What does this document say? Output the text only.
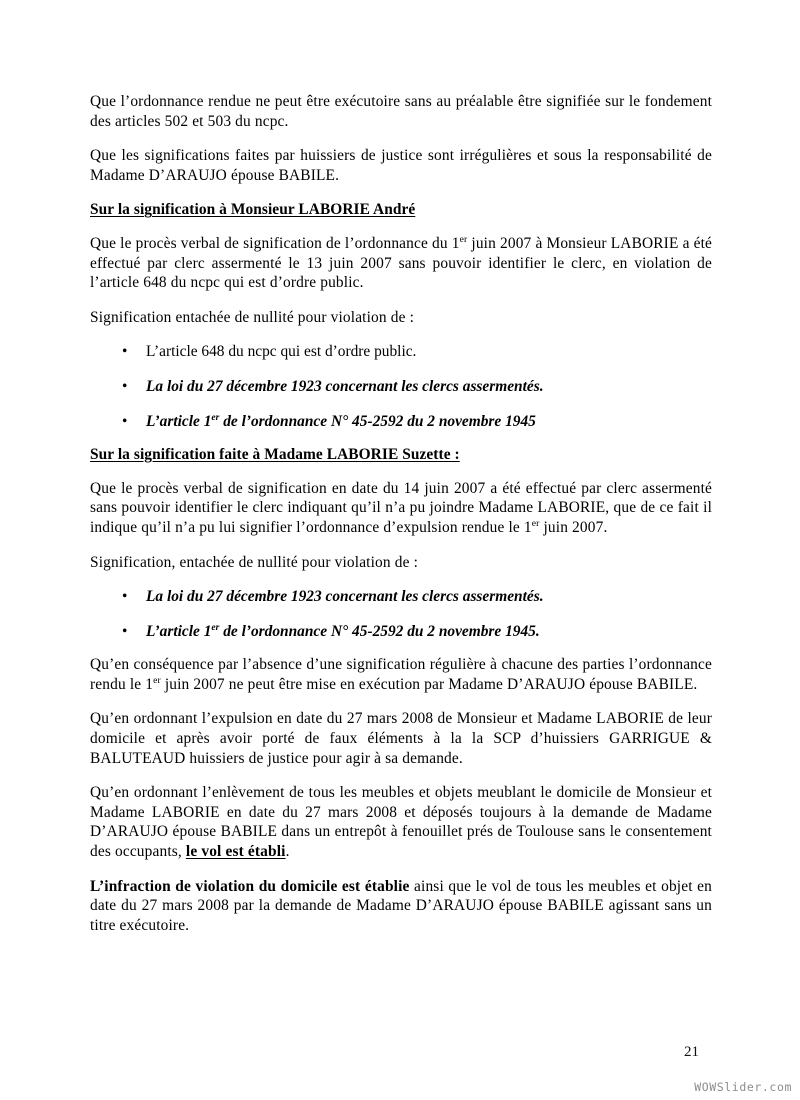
Que l’ordonnance rendue ne peut être exécutoire sans au préalable être signifiée sur le fondement des articles 502 et 503 du ncpc.

Que les significations faites par huissiers de justice sont irrégulières et sous la responsabilité de Madame D’ARAUJO épouse BABILE.

Sur la signification à Monsieur LABORIE André

Que le procès verbal de signification de l’ordonnance du 1er juin 2007 à Monsieur LABORIE a été effectué par clerc assermenté le 13 juin 2007 sans pouvoir identifier le clerc, en violation de l’article 648 du ncpc qui est d’ordre public.

Signification entachée de nullité pour violation de :

• L’article 648 du ncpc qui est d’ordre public.
• La loi du 27 décembre 1923 concernant les clercs assermentés.
• L’article 1er de l’ordonnance N° 45-2592 du 2 novembre 1945
Sur la signification faite à Madame LABORIE Suzette :

Que le procès verbal de signification en date du 14 juin 2007 a été effectué par clerc assermenté sans pouvoir identifier le clerc indiquant qu’il n’a pu joindre Madame LABORIE, que de ce fait il indique qu’il n’a pu lui signifier l’ordonnance d’expulsion rendue le 1er juin 2007.

Signification, entachée de nullité pour violation de :

• La loi du 27 décembre 1923 concernant les clercs assermentés.
• L’article 1er de l’ordonnance N° 45-2592 du 2 novembre 1945.

Qu’en conséquence par l’absence d’une signification régulière à chacune des parties l’ordonnance rendu le 1er juin 2007 ne peut être mise en exécution par Madame D’ARAUJO épouse BABILE.

Qu’en ordonnant l’expulsion en date du 27 mars 2008 de Monsieur et Madame LABORIE de leur domicile et après avoir porté de faux éléments à la la SCP d’huissiers GARRIGUE & BALUTEAUD huissiers de justice pour agir à sa demande.

Qu’en ordonnant l’enlèvement de tous les meubles et objets meublant le domicile de Monsieur et Madame LABORIE en date du 27 mars 2008 et déposés toujours à la demande de Madame D’ARAUJO épouse BABILE dans un entrepôt à fenouillet prés de Toulouse sans le consentement des occupants, le vol est établi.

L’infraction de violation du domicile est établie ainsi que le vol de tous les meubles et objet en date du 27 mars 2008 par la demande de Madame D’ARAUJO épouse BABILE agissant sans un titre exécutoire.

21
WOWSlider.com
